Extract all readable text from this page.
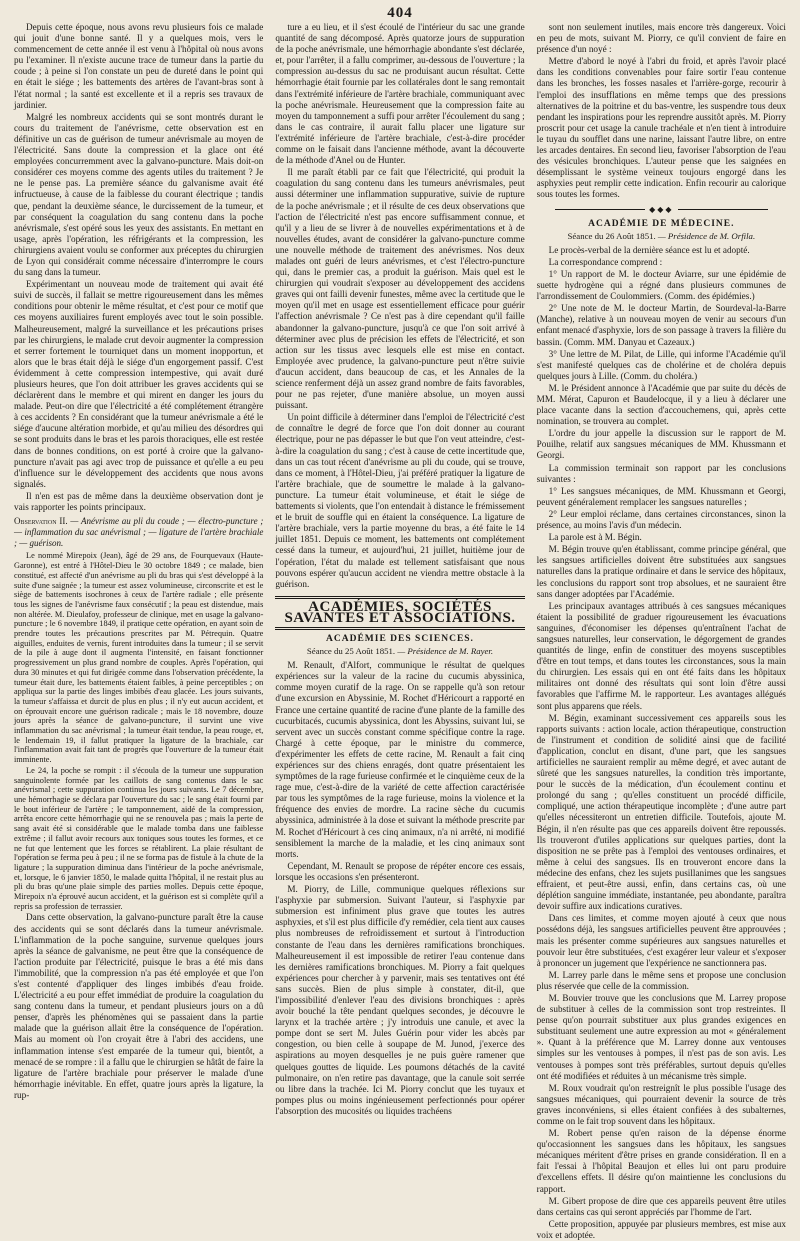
404

Depuis cette époque, nous avons revu plusieurs fois ce malade qui jouit d'une bonne santé. Il y a quelques mois, vers le commencement de cette année il est venu à l'hôpital où nous avons pu l'examiner. Il n'existe aucune trace de tumeur dans la partie du coude ; à peine si l'on constate un peu de dureté dans le point qui en était le siége ; les battements des artères de l'avant-bras sont à l'état normal ; la santé est excellente et il a repris ses travaux de jardinier.

Malgré les nombreux accidents qui se sont montrés durant le cours du traitement de l'anévrisme, cette observation est en définitive un cas de guérison de tumeur anévrismale au moyen de l'électricité. Sans doute la compression et la glace ont été employées concurremment avec la galvano-puncture. Mais doit-on considérer ces moyens comme des agents utiles du traitement ? Je ne le pense pas. La première séance du galvanisme avait été infructueuse, à cause de la faiblesse du courant électrique ; tandis que, pendant la deuxième séance, le durcissement de la tumeur, et par conséquent la coagulation du sang contenu dans la poche anévrismale, s'est opéré sous les yeux des assistants. En mettant en usage, après l'opération, les réfrigérants et la compression, les chirurgiens avaient voulu se conformer aux préceptes du chirurgien de Lyon qui considérait comme nécessaire d'interrompre le cours du sang dans la tumeur.

Expérimentant un nouveau mode de traitement qui avait été suivi de succès, il fallait se mettre rigoureusement dans les mêmes conditions pour obtenir le même résultat, et c'est pour ce motif que ces moyens auxiliaires furent employés avec tout le soin possible. Malheureusement, malgré la surveillance et les précautions prises par les chirurgiens, le malade crut devoir augmenter la compression et serrer fortement le tourniquet dans un moment inopportun, et alors que le bras était déjà le siége d'un engorgement passif. C'est évidemment à cette compression intempestive, qui avait duré plusieurs heures, que l'on doit attribuer les graves accidents qui se déclarèrent dans le membre et qui mirent en danger les jours du malade. Peut-on dire que l'électricité a été complétement étrangère à ces accidents ? En considérant que la tumeur anévrismale a été le siége d'aucune altération morbide, et qu'au milieu des désordres qui se sont produits dans le bras et les parois thoraciques, elle est restée dans de bonnes conditions, on est porté à croire que la galvano-puncture n'avait pas agi avec trop de puissance et qu'elle a eu peu d'influence sur le développement des accidents que nous avons signalés.

Il n'en est pas de même dans la deuxième observation dont je vais rapporter les points principaux.

Observation II. — Anévrisme au pli du coude ; — électro-puncture ; — inflammation du sac anévrismal ; — ligature de l'artère brachiale ; — guérison.

Le nommé Mirepoix (Jean), âgé de 29 ans, de Fourquevaux (Haute-Garonne), est entré à l'Hôtel-Dieu le 30 octobre 1849 ; ce malade, bien constitué, est affecté d'un anévrisme au pli du bras qui s'est développé à la suite d'une saignée ; la tumeur est assez volumineuse, circonscrite et est le siège de battements isochrones à ceux de l'artère radiale ; elle présente tous les signes de l'anévrisme faux consécutif ; la peau est distendue, mais non altérée. M. Dieulafoy, professeur de clinique, met en usage la galvano-puncture ; le 6 novembre 1849, il pratique cette opération, en ayant soin de prendre toutes les précautions prescrites par M. Pétrequin. Quatre aiguilles, enduites de vernis, furent introduites dans la tumeur ; il se servit de la pile à auge dont il augmenta l'intensité, en faisant fonctionner progressivement un plus grand nombre de couples. Après l'opération, qui dura 30 minutes et qui fut dirigée comme dans l'observation précédente, la tumeur était dure, les battements étaient faibles, à peine perceptibles ; on appliqua sur la partie des linges imbibés d'eau glacée. Les jours suivants, la tumeur s'affaissa et durcit de plus en plus ; il n'y eut aucun accident, et on éprouvait encore une guérison radicale ; mais le 18 novembre, douze jours après la séance de galvano-puncture, il survint une vive inflammation du sac anévrismal ; la tumeur était tendue, la peau rouge, et, le lendemain 19, il fallut pratiquer la ligature de la brachiale, car l'inflammation avait fait tant de progrès que l'ouverture de la tumeur était imminente.

Le 24, la poche se rompit : il s'écoula de la tumeur une suppuration sanguinolente formée par les caillots de sang contenus dans le sac anévrismal ; cette suppuration continua les jours suivants. Le 7 décembre, une hémorrhagie se déclara par l'ouverture du sac ; le sang était fourni par le bout inférieur de l'artère ; le tamponnement, aidé de la compression, arrêta encore cette hémorrhagie qui ne se renouvela pas ; mais la perte de sang avait été si considérable que le malade tomba dans une faiblesse extrême ; il fallut avoir recours aux toniques sous toutes les formes, et ce ne fut que lentement que les forces se rétablirent. La plaie résultant de l'opération se ferma peu à peu ; il ne se forma pas de fistule à la chute de la ligature ; la suppuration diminua dans l'intérieur de la poche anévrismale, et, lorsque, le 6 janvier 1850, le malade quitta l'hôpital, il ne restait plus au pli du bras qu'une plaie simple des parties molles. Depuis cette époque, Mirepoix n'a éprouvé aucun accident, et la guérison est si complète qu'il a repris sa profession de terrassier.

Dans cette observation, la galvano-puncture paraît être la cause des accidents qui se sont déclarés dans la tumeur anévrismale. L'inflammation de la poche sanguine, survenue quelques jours après la séance de galvanisme, ne peut être que la conséquence de l'action produite par l'électricité, puisque le bras a été mis dans l'immobilité, que la compression n'a pas été employée et que l'on s'est contenté d'appliquer des linges imbibés d'eau froide. L'électricité a eu pour effet immédiat de produire la coagulation du sang contenu dans la tumeur, et pendant plusieurs jours on a dû penser, d'après les phénomènes qui se passaient dans la partie malade que la guérison allait être la conséquence de l'opération. Mais au moment où l'on croyait être à l'abri des accidens, une inflammation intense s'est emparée de la tumeur qui, bientôt, a menacé de se rompre : il a fallu que le chirurgien se hâtât de faire la ligature de l'artère brachiale pour préserver le malade d'une hémorrhagie inévitable. En effet, quatre jours après la ligature, la rup-

ture a eu lieu, et il s'est écoulé de l'intérieur du sac une grande quantité de sang décomposé. Après quatorze jours de suppuration de la poche anévrismale, une hémorrhagie abondante s'est déclarée, et, pour l'arrêter, il a fallu comprimer, au-dessous de l'ouverture ; la compression au-dessus du sac ne produisant aucun résultat. Cette hémorrhagie était fournie par les collatérales dont le sang remontait dans l'extrémité inférieure de l'artère brachiale, communiquant avec la poche anévrismale. Heureusement que la compression faite au moyen du tamponnement a suffi pour arrêter l'écoulement du sang ; dans le cas contraire, il aurait fallu placer une ligature sur l'extrémité inférieure de l'artère brachiale, c'est-à-dire procéder comme on le faisait dans l'ancienne méthode, avant la découverte de la méthode d'Anel ou de Hunter.

Il me paraît établi par ce fait que l'électricité, qui produit la coagulation du sang contenu dans les tumeurs anévrismales, peut aussi déterminer une inflammation suppurative, suivie de rupture de la poche anévrismale ; et il résulte de ces deux observations que l'action de l'électricité n'est pas encore suffisamment connue, et qu'il y a lieu de se livrer à de nouvelles expérimentations et à de nouvelles études, avant de considérer la galvano-puncture comme une nouvelle méthode de traitement des anévrismes. Nos deux malades ont guéri de leurs anévrismes, et c'est l'électro-puncture qui, dans le premier cas, a produit la guérison. Mais quel est le chirurgien qui voudrait s'exposer au développement des accidens graves qui ont failli devenir funestes, même avec la certitude que le moyen qu'il met en usage est essentiellement efficace pour guérir l'affection anévrismale ? Ce n'est pas à dire cependant qu'il faille abandonner la galvano-puncture, jusqu'à ce que l'on soit arrivé à déterminer avec plus de précision les effets de l'électricité, et son action sur les tissus avec lesquels elle est mise en contact. Employée avec prudence, la galvano-puncture peut n'être suivie d'aucun accident, dans beaucoup de cas, et les Annales de la science renferment déjà un assez grand nombre de faits favorables, pour ne pas rejeter, d'une manière absolue, un moyen aussi puissant.

Un point difficile à déterminer dans l'emploi de l'électricité c'est de connaître le degré de force que l'on doit donner au courant électrique, pour ne pas dépasser le but que l'on veut atteindre, c'est-à-dire la coagulation du sang ; c'est à cause de cette incertitude que, dans un cas tout récent d'anévrisme au pli du coude, qui se trouve, dans ce moment, à l'Hôtel-Dieu, j'ai préféré pratiquer la ligature de l'artère brachiale, que de soumettre le malade à la galvano-puncture. La tumeur était volumineuse, et était le siége de battements si violents, que l'on entendait à distance le frémissement et le bruit de souffle qui en étaient la conséquence. La ligature de l'artère brachiale, vers la partie moyenne du bras, a été faite le 14 juillet 1851. Depuis ce moment, les battements ont complétement cessé dans la tumeur, et aujourd'hui, 21 juillet, huitième jour de l'opération, l'état du malade est tellement satisfaisant que nous pouvons espérer qu'aucun accident ne viendra mettre obstacle à la guérison.

ACADÉMIES, SOCIÉTÉS SAVANTES ET ASSOCIATIONS.
ACADÉMIE DES SCIENCES.
Séance du 25 Août 1851. — Présidence de M. Rayer.

M. Renault, d'Alfort, communique le résultat de quelques expériences sur la valeur de la racine du cucumis abyssinica, comme moyen curatif de la rage. On se rappelle qu'à son retour d'une excursion en Abyssinie, M. Rochet d'Héricourt a rapporté en France une certaine quantité de racine d'une plante de la famille des cucurbitacés, cucumis abyssinica, dont les Abyssins, suivant lui, se servent avec un succès constant comme spécifique contre la rage. Chargé à cette époque, par le ministre du commerce, d'expérimenter les effets de cette racine, M. Renault a fait cinq expériences sur des chiens enragés, dont quatre présentaient les symptômes de la rage furieuse confirmée et le cinquième ceux de la rage mue, c'est-à-dire de la variété de cette affection caractérisée par tous les symptômes de la rage furieuse, moins la violence et la fréquence des envies de mordre. La racine sèche du cucumis abyssinica, administrée à la dose et suivant la méthode prescrite par M. Rochet d'Héricourt à ces cinq animaux, n'a ni arrêté, ni modifié sensiblement la marche de la maladie, et les cinq animaux sont morts.

Cependant, M. Renault se propose de répéter encore ces essais, lorsque les occasions s'en présenteront.

M. Piorry, de Lille, communique quelques réflexions sur l'asphyxie par submersion. Suivant l'auteur, si l'asphyxie par submersion est infiniment plus grave que toutes les autres asphyxies, et s'il est plus difficile d'y remédier, cela tient aux causes plus nombreuses de refroidissement et surtout à l'introduction constante de l'eau dans les dernières ramifications bronchiques. Malheureusement il est impossible de retirer l'eau contenue dans les dernières ramifications bronchiques. M. Piorry a fait quelques expériences pour chercher à y parvenir, mais ses tentatives ont été sans succès. Bien de plus simple à constater, dit-il, que l'impossibilité d'enlever l'eau des divisions bronchiques : après avoir bouché la tête pendant quelques secondes, je découvre le larynx et la trachée artère ; j'y introduis une canule, et avec la pompe dont se sert M. Jules Guérin pour vider les abcès par congestion, ou bien celle à soupape de M. Junod, j'exerce des aspirations au moyen desquelles je ne puis guère ramener que quelques gouttes de liquide. Les poumons détachés de la cavité pulmonaire, on n'en retire pas davantage, que la canule soit serrée ou libre dans la trachée. Ici M. Piorry conclut que les tuyaux et pompes plus ou moins ingénieusement perfectionnés pour opérer l'absorption des mucosités ou liquides trachéens

sont non seulement inutiles, mais encore très dangereux. Voici en peu de mots, suivant M. Piorry, ce qu'il convient de faire en présence d'un noyé :

Mettre d'abord le noyé à l'abri du froid, et après l'avoir placé dans les conditions convenables pour faire sortir l'eau contenue dans les bronches, les fosses nasales et l'arrière-gorge, recourir à l'emploi des insufflations en même temps que des pressions alternatives de la poitrine et du bas-ventre, les suspendre tous deux pendant les inspirations pour les reprendre aussitôt après. M. Piorry proscrit pour cet usage la canule trachéale et n'en tient à introduire le tuyau du soufflet dans une narine, laissant l'autre libre, on entre les arcades dentaires. En second lieu, favoriser l'absorption de l'eau des vésicules bronchiques. L'auteur pense que les saignées en désemplissant le système veineux toujours engorgé dans les asphyxies peut remplir cette indication. Enfin recourir au calorique sous toutes les formes.

◆◆◆
ACADÉMIE DE MÉDECINE.
Séance du 26 Août 1851. — Présidence de M. Orfila.

Le procès-verbal de la dernière séance est lu et adopté.

La correspondance comprend :

1° Un rapport de M. le docteur Aviarre, sur une épidémie de suette hydrogène qui a régné dans plusieurs communes de l'arrondissement de Coulommiers. (Comm. des épidémies.)

2° Une note de M. le docteur Martin, de Sourdeval-la-Barre (Manche), relative à un nouveau moyen de venir au secours d'un enfant menacé d'asphyxie, lors de son passage à travers la filière du bassin. (Comm. MM. Danyau et Cazeaux.)

3° Une lettre de M. Pilat, de Lille, qui informe l'Académie qu'il s'est manifesté quelques cas de cholérine et de choléra depuis quelques jours à Lille. (Comm. du choléra.)

M. le Président annonce à l'Académie que par suite du décès de MM. Mérat, Capuron et Baudelocque, il y a lieu à déclarer une place vacante dans la section d'accouchemens, qui, après cette nomination, se trouvera au complet.

L'ordre du jour appelle la discussion sur le rapport de M. Pouilhe, relatif aux sangsues mécaniques de MM. Khussmann et Georgi.

La commission terminait son rapport par les conclusions suivantes :

1° Les sangsues mécaniques, de MM. Khussmann et Georgi, peuvent généralement remplacer les sangsues naturelles ;

2° Leur emploi réclame, dans certaines circonstances, sinon la présence, au moins l'avis d'un médecin.

La parole est à M. Bégin.

M. Bégin trouve qu'en établissant, comme principe général, que les sangsues artificielles doivent être substituées aux sangsues naturelles dans la pratique ordinaire et dans le service des hôpitaux, les conclusions du rapport sont trop absolues, et ne sauraient être sans danger adoptées par l'Académie.

Les principaux avantages attribués à ces sangsues mécaniques étaient la possibilité de graduer rigoureusement les évacuations sanguines, d'économiser les dépenses qu'entraînent l'achat de sangsues naturelles, leur conservation, le dégorgement de grandes quantités de linge, enfin de constituer des moyens susceptibles d'être en tout temps, et dans toutes les circonstances, sous la main du chirurgien. Les essais qui en ont été faits dans les hôpitaux militaires ont donné des résultats qui sont loin d'être aussi favorables que l'affirme M. le rapporteur. Les avantages allégués sont plus apparens que réels.

M. Bégin, examinant successivement ces appareils sous les rapports suivants : action locale, action thérapeutique, construction de l'instrument et condition de solidité ainsi que de facilité d'application, conclut en disant, d'une part, que les sangsues artificielles ne sauraient remplir au même degré, et avec autant de sûreté que les sangsues naturelles, la condition très importante, pour le succès de la médication, d'un écoulement continu et prolongé du sang ; qu'elles constituent un procédé difficile, compliqué, une action thérapeutique incomplète ; d'une autre part qu'elles nécessiteront un entretien difficile. Toutefois, ajoute M. Bégin, il n'en résulte pas que ces appareils doivent être repoussés. Ils trouveront d'utiles applications sur quelques parties, dont la disposition ne se prête pas à l'emploi des ventouses ordinaires, et même à celui des sangsues. Ils en trouveront encore dans la médecine des enfans, chez les sujets pusillanimes que les sangsues effraient, et peut-être aussi, enfin, dans certains cas, où une déplétion sanguine immédiate, instantanée, peu abondante, paraîtra devoir suffire aux indications curatives.

Dans ces limites, et comme moyen ajouté à ceux que nous possédons déjà, les sangsues artificielles peuvent être approuvées ; mais les présenter comme supérieures aux sangsues naturelles et pouvoir leur être substituées, c'est exagérer leur valeur et s'exposer à prononcer un jugement que l'expérience ne sanctionnera pas.

M. Larrey parle dans le même sens et propose une conclusion plus réservée que celle de la commission.

M. Bouvier trouve que les conclusions que M. Larrey propose de substituer à celles de la commission sont trop restreintes. Il pense qu'on pourrait substituer aux plus grandes exigences en substituant seulement une autre expression au mot « généralement ». Quant à la préférence que M. Larrey donne aux ventouses simples sur les ventouses à pompes, il n'est pas de son avis. Les ventouses à pompes sont très préférables, surtout depuis qu'elles ont été modifiées et réduites à un mécanisme très simple.

M. Roux voudrait qu'on restreignît le plus possible l'usage des sangsues mécaniques, qui pourraient devenir la source de très graves inconvéniens, si elles étaient confiées à des subalternes, comme on le fait trop souvent dans les hôpitaux.

M. Robert pense qu'en raison de la dépense énorme qu'occasionnent les sangsues dans les hôpitaux, les sangsues mécaniques méritent d'être prises en grande considération. Il en a fait l'essai à l'hôpital Beaujon et elles lui ont paru produire d'excellens effets. Il désire qu'on maintienne les conclusions du rapport.

M. Gibert propose de dire que ces appareils peuvent être utiles dans certains cas qui seront appréciés par l'homme de l'art.

Cette proposition, appuyée par plusieurs membres, est mise aux voix et adoptée.
